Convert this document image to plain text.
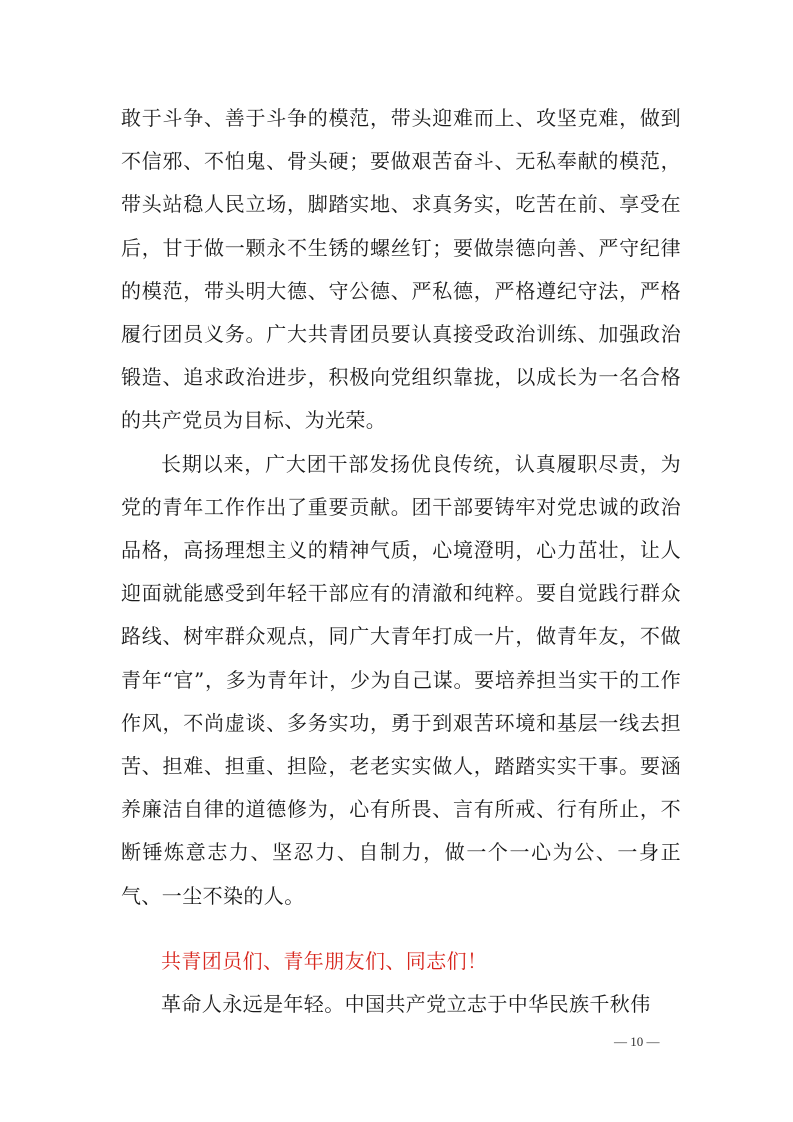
敢于斗争、善于斗争的模范，带头迎难而上、攻坚克难，做到不信邪、不怕鬼、骨头硬；要做艰苦奋斗、无私奉献的模范，带头站稳人民立场，脚踏实地、求真务实，吃苦在前、享受在后，甘于做一颗永不生锈的螺丝钉；要做崇德向善、严守纪律的模范，带头明大德、守公德、严私德，严格遵纪守法，严格履行团员义务。广大共青团员要认真接受政治训练、加强政治锻造、追求政治进步，积极向党组织靠拢，以成长为一名合格的共产党员为目标、为光荣。

长期以来，广大团干部发扬优良传统，认真履职尽责，为党的青年工作作出了重要贡献。团干部要铸牢对党忠诚的政治品格，高扬理想主义的精神气质，心境澄明，心力茁壮，让人迎面就能感受到年轻干部应有的清澈和纯粹。要自觉践行群众路线、树牢群众观点，同广大青年打成一片，做青年友，不做青年“官”，多为青年计，少为自己谋。要培养担当实干的工作作风，不尚虚谈、多务实功，勇于到艰苦环境和基层一线去担苦、担难、担重、担险，老老实实做人，踏踏实实干事。要涵养廉洁自律的道德修为，心有所畏、言有所戒、行有所止，不断锤炼意志力、坚忍力、自制力，做一个一心为公、一身正气、一尘不染的人。

共青团员们、青年朋友们、同志们！

革命人永远是年轻。中国共产党立志于中华民族千秋伟

— 10 —
